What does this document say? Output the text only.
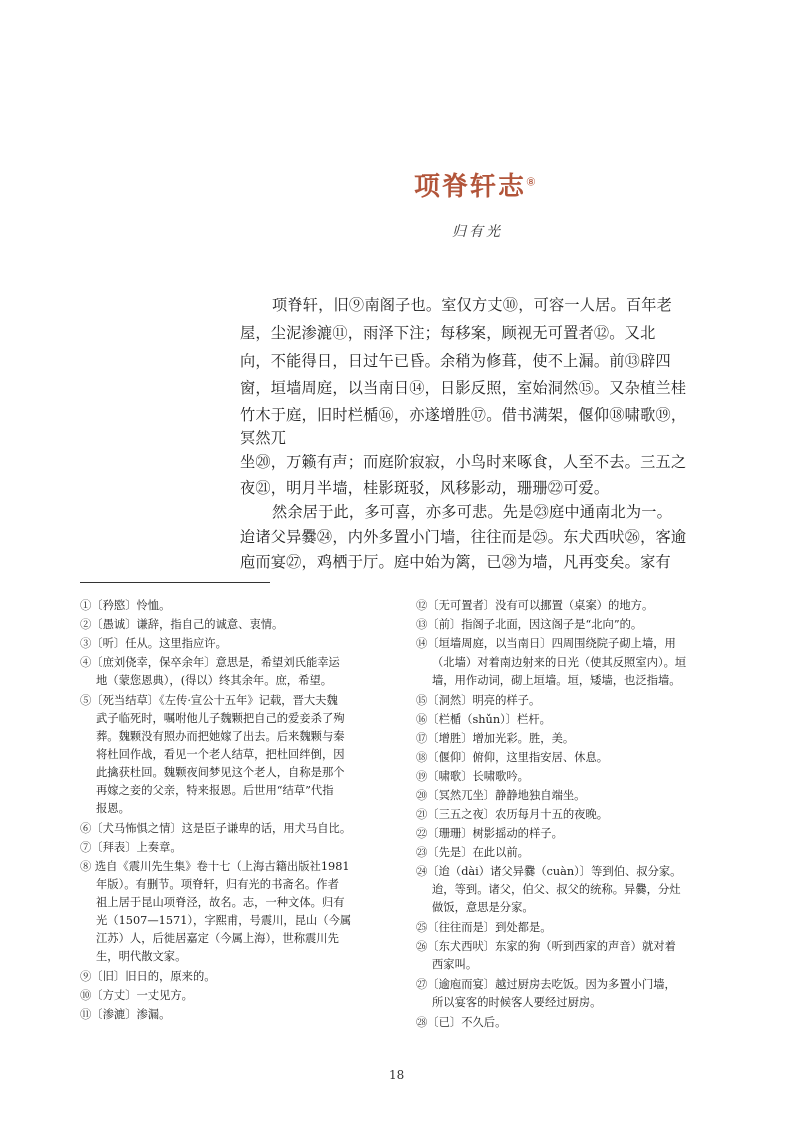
项脊轩志⑧
归有光
项脊轩，旧⑨南阁子也。室仅方丈⑩，可容一人居。百年老
屋，尘泥渗漉⑪，雨泽下注；每移案，顾视无可置者⑫。又北
向，不能得日，日过午已昏。余稍为修葺，使不上漏。前⑬辟四
窗，垣墙周庭，以当南日⑭，日影反照，室始洞然⑮。又杂植兰桂
竹木于庭，旧时栏楯⑯，亦遂增胜⑰。借书满架，偃仰⑱啸歌⑲，
冥然兀
坐⑳，万籁有声；而庭阶寂寂，小鸟时来啄食，人至不去。三五之
夜㉑，明月半墙，桂影斑驳，风移影动，珊珊㉒可爱。
然余居于此，多可喜，亦多可悲。先是㉓庭中通南北为一。
迨诸父异爨㉔，内外多置小门墙，往往而是㉕。东犬西吠㉖，客逾
庖而宴㉗，鸡栖于厅。庭中始为篱，已㉘为墙，凡再变矣。家有
①〔矜愍〕怜恤。
②〔愚诚〕谦辞，指自己的诚意、衷情。
③〔听〕任从。这里指应许。
④〔庶刘侥幸，保卒余年〕意思是，希望刘氏能幸运
地（蒙您恩典），(得以）终其余年。庶，希望。
⑤〔死当结草〕《左传·宣公十五年》记载，晋大夫魏
武子临死时，嘱咐他儿子魏颗把自己的爱妾杀了殉
葬。魏颗没有照办而把她嫁了出去。后来魏颗与秦
将杜回作战，看见一个老人结草，把杜回绊倒，因
此擒获杜回。魏颗夜间梦见这个老人，自称是那个
再嫁之妾的父亲，特来报恩。后世用“结草”代指
报恩。
⑥〔犬马怖惧之情〕这是臣子谦卑的话，用犬马自比。
⑦〔拜表〕上奏章。
⑧ 选自《震川先生集》卷十七（上海古籍出版社1981
年版）。有删节。项脊轩，归有光的书斋名。作者
祖上居于昆山项脊泾，故名。志，一种文体。归有
光（1507—1571），字熙甫，号震川，昆山（今属
江苏）人，后徙居嘉定（今属上海），世称震川先
生，明代散文家。
⑨〔旧〕旧日的，原来的。
⑩〔方丈〕一丈见方。
⑪〔渗漉〕渗漏。
⑫〔无可置者〕没有可以挪置（桌案）的地方。
⑬〔前〕指阁子北面，因这阁子是“北向”的。
⑭〔垣墙周庭，以当南日〕四周围绕院子砌上墙，用
（北墙）对着南边射来的日光（使其反照室内）。垣
墙，用作动词，砌上垣墙。垣，矮墙，也泛指墙。
⑮〔洞然〕明亮的样子。
⑯〔栏楯（shǔn）〕栏杆。
⑰〔增胜〕增加光彩。胜，美。
⑱〔偃仰〕俯仰，这里指安居、休息。
⑲〔啸歌〕长啸歌吟。
⑳〔冥然兀坐〕静静地独自端坐。
㉑〔三五之夜〕农历每月十五的夜晚。
㉒〔珊珊〕树影摇动的样子。
㉓〔先是〕在此以前。
㉔〔迨（dài）诸父异爨（cuàn）〕等到伯、叔分家。
迨，等到。诸父，伯父、叔父的统称。异爨，分灶
做饭，意思是分家。
㉕〔往往而是〕到处都是。
㉖〔东犬西吠〕东家的狗（听到西家的声音）就对着
西家叫。
㉗〔逾庖而宴〕越过厨房去吃饭。因为多置小门墙，
所以宴客的时候客人要经过厨房。
㉘〔已〕不久后。
18
